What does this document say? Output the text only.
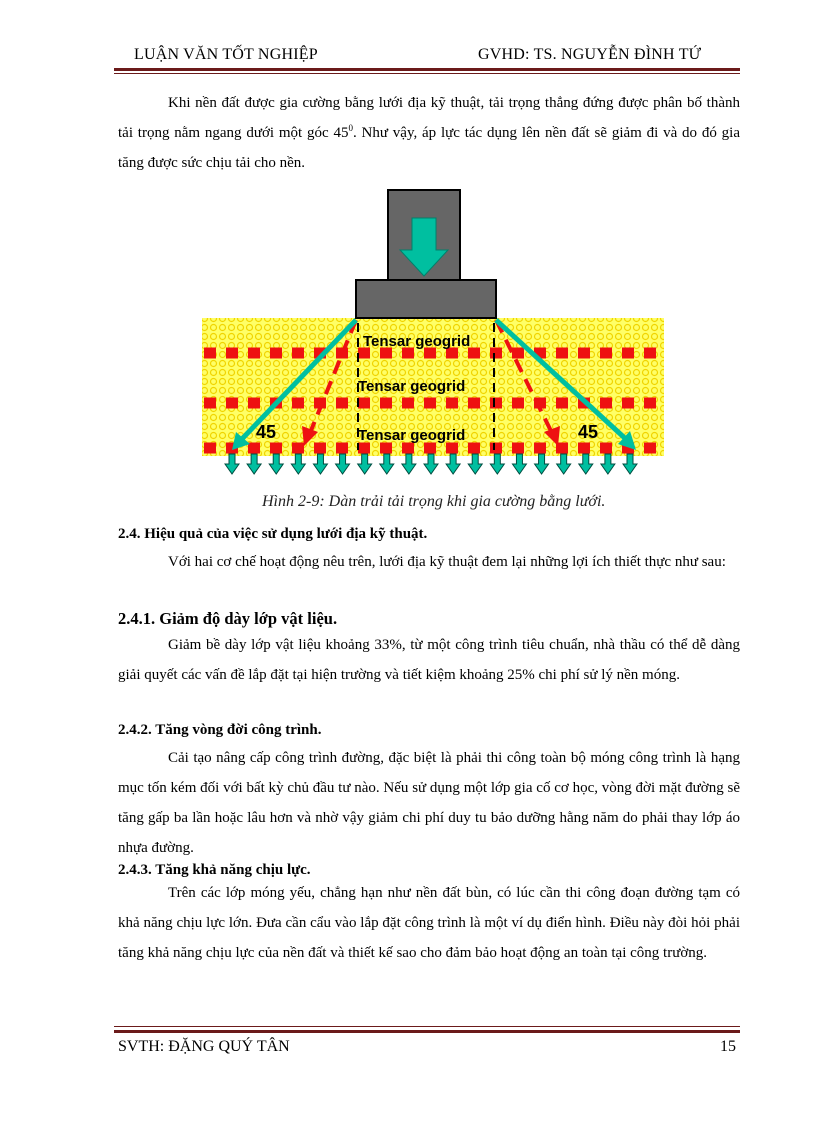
LUẬN VĂN TỐT NGHIỆP	GVHD: TS. NGUYỄN ĐÌNH TỨ
Khi nền đất được gia cường bằng lưới địa kỹ thuật, tải trọng thẳng đứng được phân bố thành tải trọng nằm ngang dưới một góc $45^0$. Như vậy, áp lực tác dụng lên nền đất sẽ giảm đi và do đó gia tăng được sức chịu tải cho nền.
Tensar geogrid
Tensar geogrid
Tensar geogrid
45	45
Hình 2-9: Dàn trải tải trọng khi gia cường bằng lưới.
2.4. Hiệu quả của việc sử dụng lưới địa kỹ thuật.
Với hai cơ chế hoạt động nêu trên, lưới địa kỹ thuật đem lại những lợi ích thiết thực như sau:
2.4.1. Giảm độ dày lớp vật liệu.
Giảm bề dày lớp vật liệu khoảng 33%, từ một công trình tiêu chuẩn, nhà thầu có thể dễ dàng giải quyết các vấn đề lắp đặt tại hiện trường và tiết kiệm khoảng 25% chi phí sử lý nền móng.
2.4.2. Tăng vòng đời công trình.
Cải tạo nâng cấp công trình đường, đặc biệt là phải thi công toàn bộ móng công trình là hạng mục tốn kém đối với bất kỳ chủ đầu tư nào. Nếu sử dụng một lớp gia cố cơ học, vòng đời mặt đường sẽ tăng gấp ba lần hoặc lâu hơn và nhờ vậy giảm chi phí duy tu bảo dưỡng hằng năm do phải thay lớp áo nhựa đường.
2.4.3. Tăng khả năng chịu lực.
Trên các lớp móng yếu, chẳng hạn như nền đất bùn, có lúc cần thi công đoạn đường tạm có khả năng chịu lực lớn. Đưa cần cẩu vào lắp đặt công trình là một ví dụ điển hình. Điều này đòi hỏi phải tăng khả năng chịu lực của nền đất và thiết kế sao cho đảm bảo hoạt động an toàn tại công trường.
SVTH: ĐẶNG QUÝ TÂN	15
